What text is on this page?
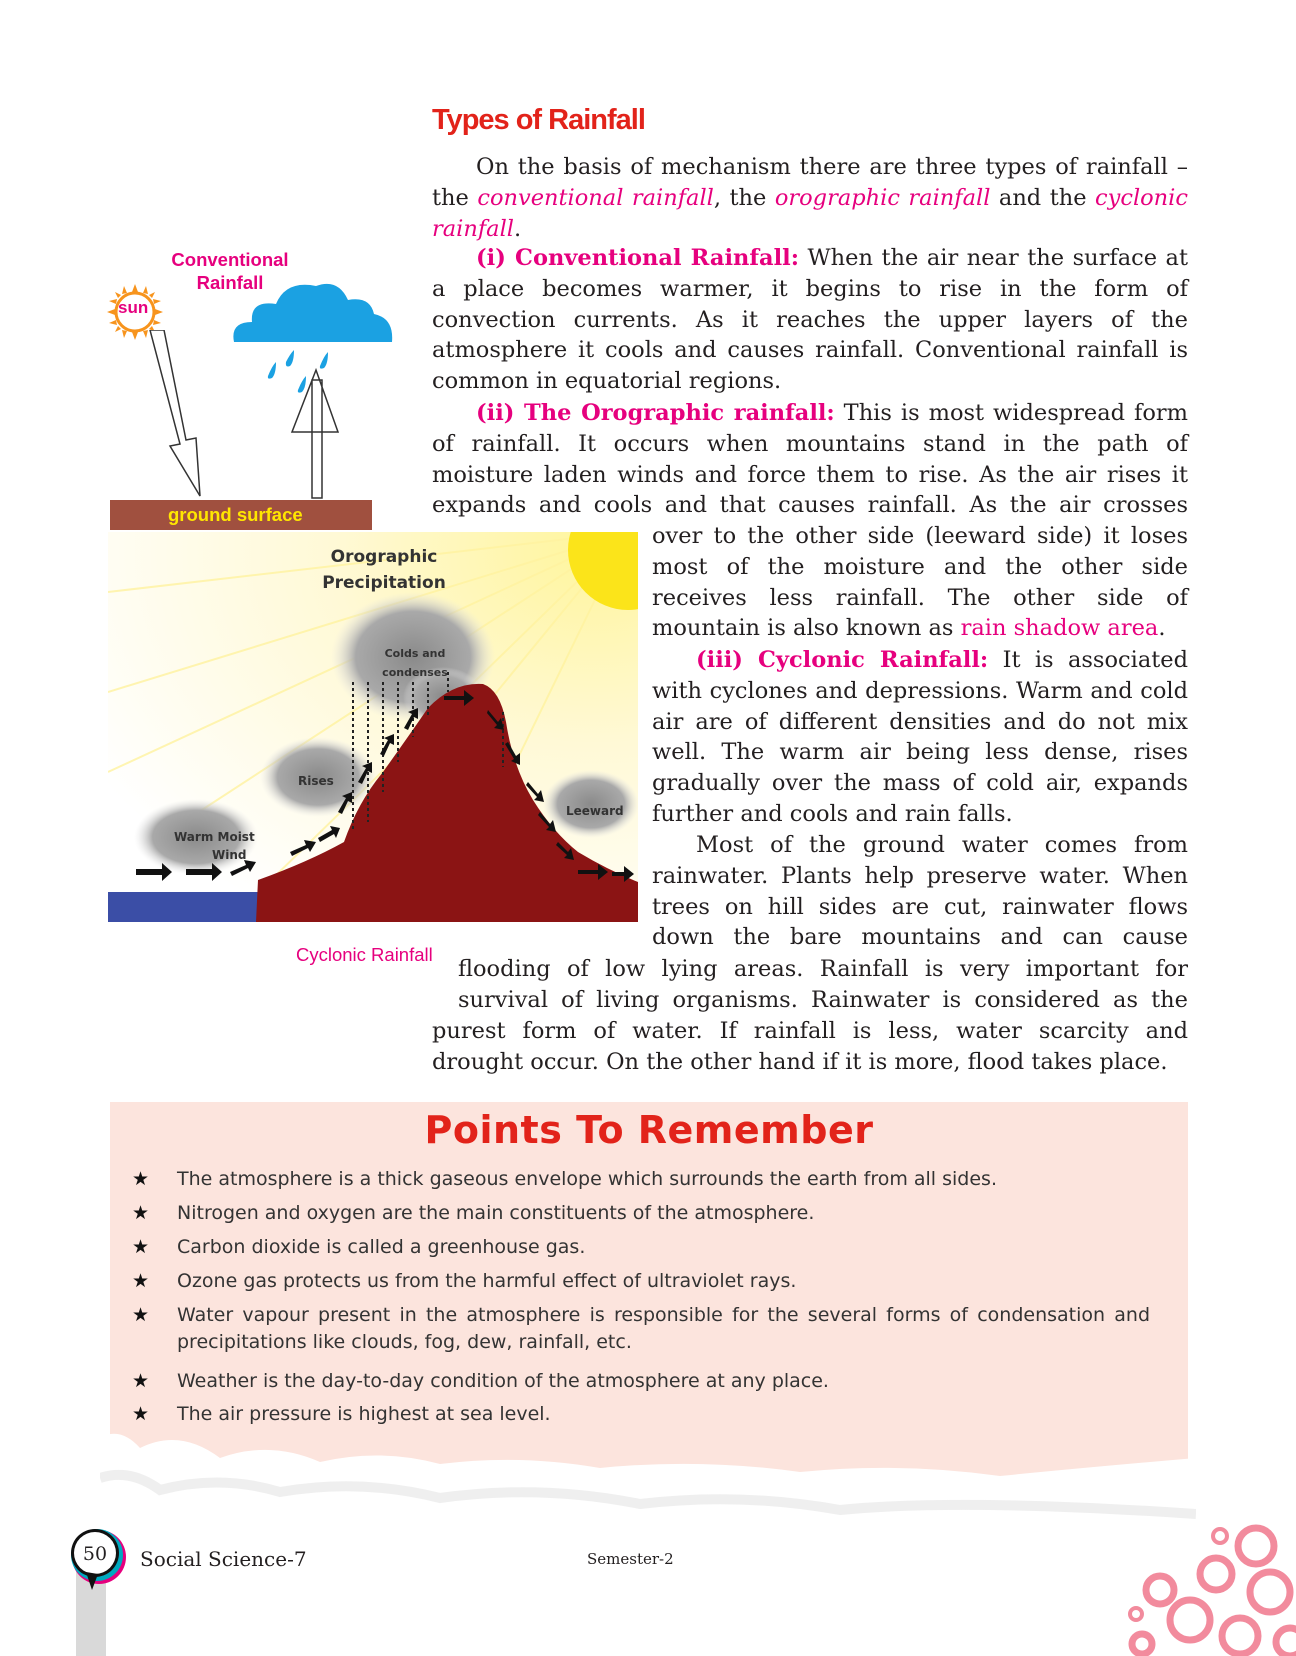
Types of Rainfall
On the basis of mechanism there are three types of rainfall – the conventional rainfall, the orographic rainfall and the cyclonic rainfall.
(i) Conventional Rainfall: When the air near the surface at a place becomes warmer, it begins to rise in the form of convection currents. As it reaches the upper layers of the atmosphere it cools and causes rainfall. Conventional rainfall is common in equatorial regions.
(ii) The Orographic rainfall: This is most widespread form of rainfall. It occurs when mountains stand in the path of moisture laden winds and force them to rise. As the air rises it expands and cools and that causes rainfall. As the air crosses
over to the other side (leeward side) it loses most of the moisture and the other side receives less rainfall. The other side of mountain is also known as rain shadow area.
(iii) Cyclonic Rainfall: It is associated with cyclones and depressions. Warm and cold air are of different densities and do not mix well. The warm air being less dense, rises gradually over the mass of cold air, expands further and cools and rain falls.
Most of the ground water comes from rainwater. Plants help preserve water. When trees on hill sides are cut, rainwater flows down the bare mountains and can cause
flooding of low lying areas. Rainfall is very important for survival of living organisms. Rainwater is considered as the
purest form of water. If rainfall is less, water scarcity and drought occur. On the other hand if it is more, flood takes place.
Conventional
Rainfall
sun
ground surface
Orographic
Precipitation
Colds and
condenses
Rises
Leeward
Warm Moist
Wind
Cyclonic Rainfall
Points To Remember
★ The atmosphere is a thick gaseous envelope which surrounds the earth from all sides.
★ Nitrogen and oxygen are the main constituents of the atmosphere.
★ Carbon dioxide is called a greenhouse gas.
★ Ozone gas protects us from the harmful effect of ultraviolet rays.
★ Water vapour present in the atmosphere is responsible for the several forms of condensation and precipitations like clouds, fog, dew, rainfall, etc.
★ Weather is the day-to-day condition of the atmosphere at any place.
★ The air pressure is highest at sea level.
50 Social Science-7	Semester-2
